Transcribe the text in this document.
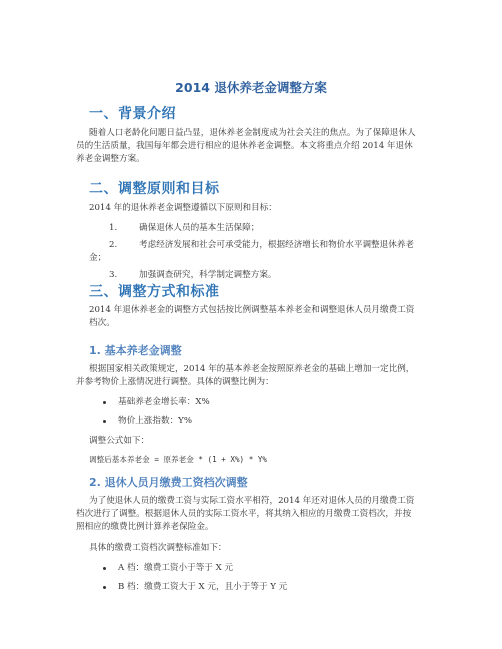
2014 退休养老金调整方案
一、背景介绍

随着人口老龄化问题日益凸显，退休养老金制度成为社会关注的焦点。为了保障退休人员的生活质量，我国每年都会进行相应的退休养老金调整。本文将重点介绍 2014 年退休养老金调整方案。

二、调整原则和目标

2014 年的退休养老金调整遵循以下原则和目标：

1.	确保退休人员的基本生活保障；
2.	考虑经济发展和社会可承受能力，根据经济增长和物价水平调整退休养老金；
3.	加强调查研究，科学制定调整方案。
三、调整方式和标准

2014 年退休养老金的调整方式包括按比例调整基本养老金和调整退休人员月缴费工资档次。

1. 基本养老金调整

根据国家相关政策规定，2014 年的基本养老金按照原养老金的基础上增加一定比例，并参考物价上涨情况进行调整。具体的调整比例为：

基础养老金增长率：X%
物价上涨指数：Y%

调整公式如下：

调整后基本养老金 = 原养老金 * (1 + X%) * Y%

2. 退休人员月缴费工资档次调整

为了使退休人员的缴费工资与实际工资水平相符，2014 年还对退休人员的月缴费工资档次进行了调整。根据退休人员的实际工资水平，将其纳入相应的月缴费工资档次，并按照相应的缴费比例计算养老保险金。

具体的缴费工资档次调整标准如下：

A 档：缴费工资小于等于 X 元
B 档：缴费工资大于 X 元，且小于等于 Y 元
